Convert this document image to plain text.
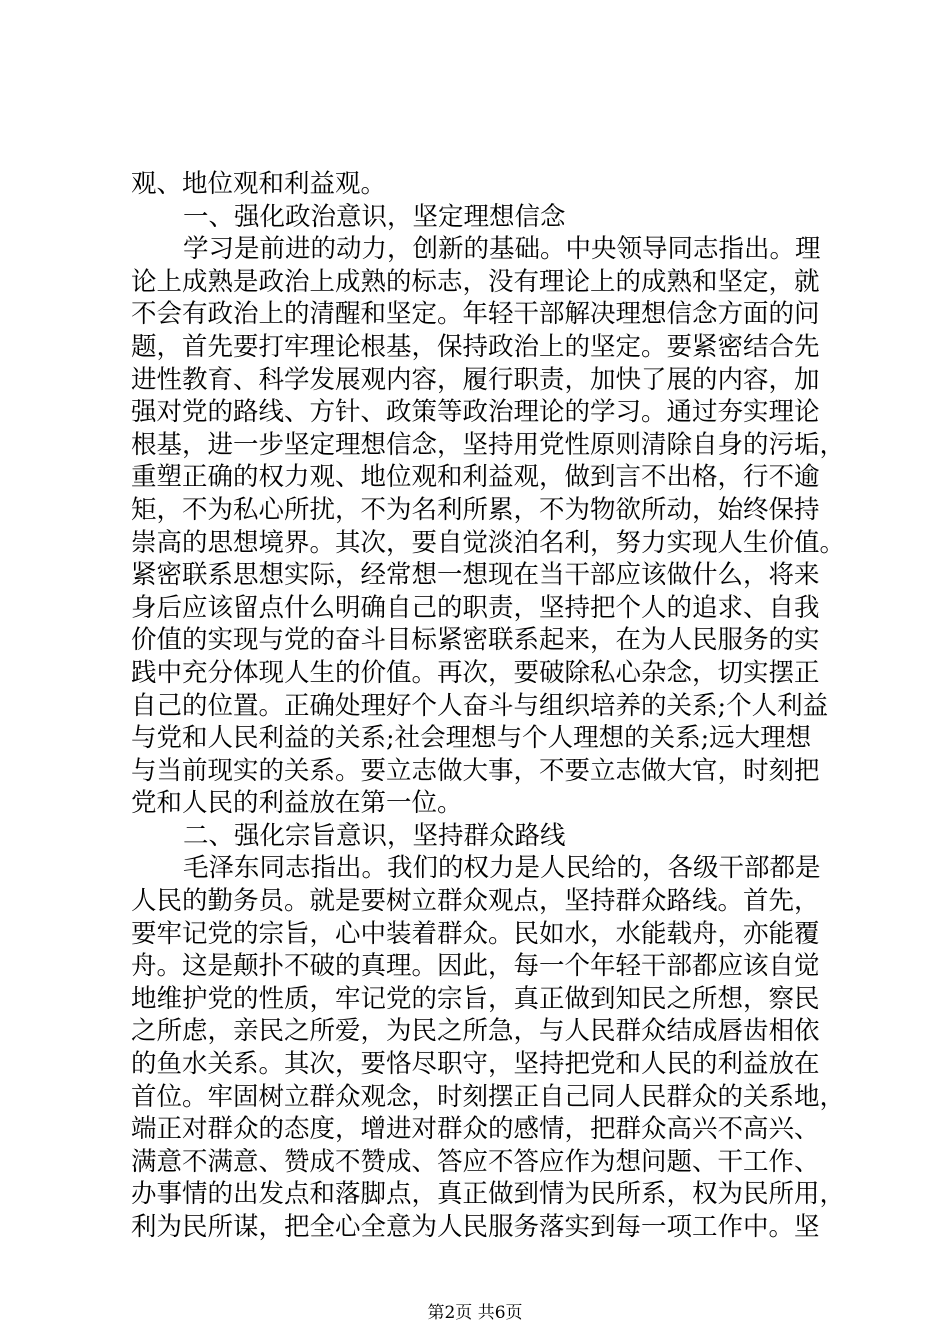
观、地位观和利益观。
一、强化政治意识，坚定理想信念
学习是前进的动力，创新的基础。中央领导同志指出。理
论上成熟是政治上成熟的标志，没有理论上的成熟和坚定，就
不会有政治上的清醒和坚定。年轻干部解决理想信念方面的问
题，首先要打牢理论根基，保持政治上的坚定。要紧密结合先
进性教育、科学发展观内容，履行职责，加快了展的内容，加
强对党的路线、方针、政策等政治理论的学习。通过夯实理论
根基，进一步坚定理想信念，坚持用党性原则清除自身的污垢，
重塑正确的权力观、地位观和利益观，做到言不出格，行不逾
矩，不为私心所扰，不为名利所累，不为物欲所动，始终保持
崇高的思想境界。其次，要自觉淡泊名利，努力实现人生价值。
紧密联系思想实际，经常想一想现在当干部应该做什么，将来
身后应该留点什么明确自己的职责，坚持把个人的追求、自我
价值的实现与党的奋斗目标紧密联系起来，在为人民服务的实
践中充分体现人生的价值。再次，要破除私心杂念，切实摆正
自己的位置。正确处理好个人奋斗与组织培养的关系;个人利益
与党和人民利益的关系;社会理想与个人理想的关系;远大理想
与当前现实的关系。要立志做大事，不要立志做大官，时刻把
党和人民的利益放在第一位。
二、强化宗旨意识，坚持群众路线
毛泽东同志指出。我们的权力是人民给的，各级干部都是
人民的勤务员。就是要树立群众观点，坚持群众路线。首先，
要牢记党的宗旨，心中装着群众。民如水，水能载舟，亦能覆
舟。这是颠扑不破的真理。因此，每一个年轻干部都应该自觉
地维护党的性质，牢记党的宗旨，真正做到知民之所想，察民
之所虑，亲民之所爱，为民之所急，与人民群众结成唇齿相依
的鱼水关系。其次，要恪尽职守，坚持把党和人民的利益放在
首位。牢固树立群众观念，时刻摆正自己同人民群众的关系地，
端正对群众的态度，增进对群众的感情，把群众高兴不高兴、
满意不满意、赞成不赞成、答应不答应作为想问题、干工作、
办事情的出发点和落脚点，真正做到情为民所系，权为民所用，
利为民所谋，把全心全意为人民服务落实到每一项工作中。坚
第2页 共6页
